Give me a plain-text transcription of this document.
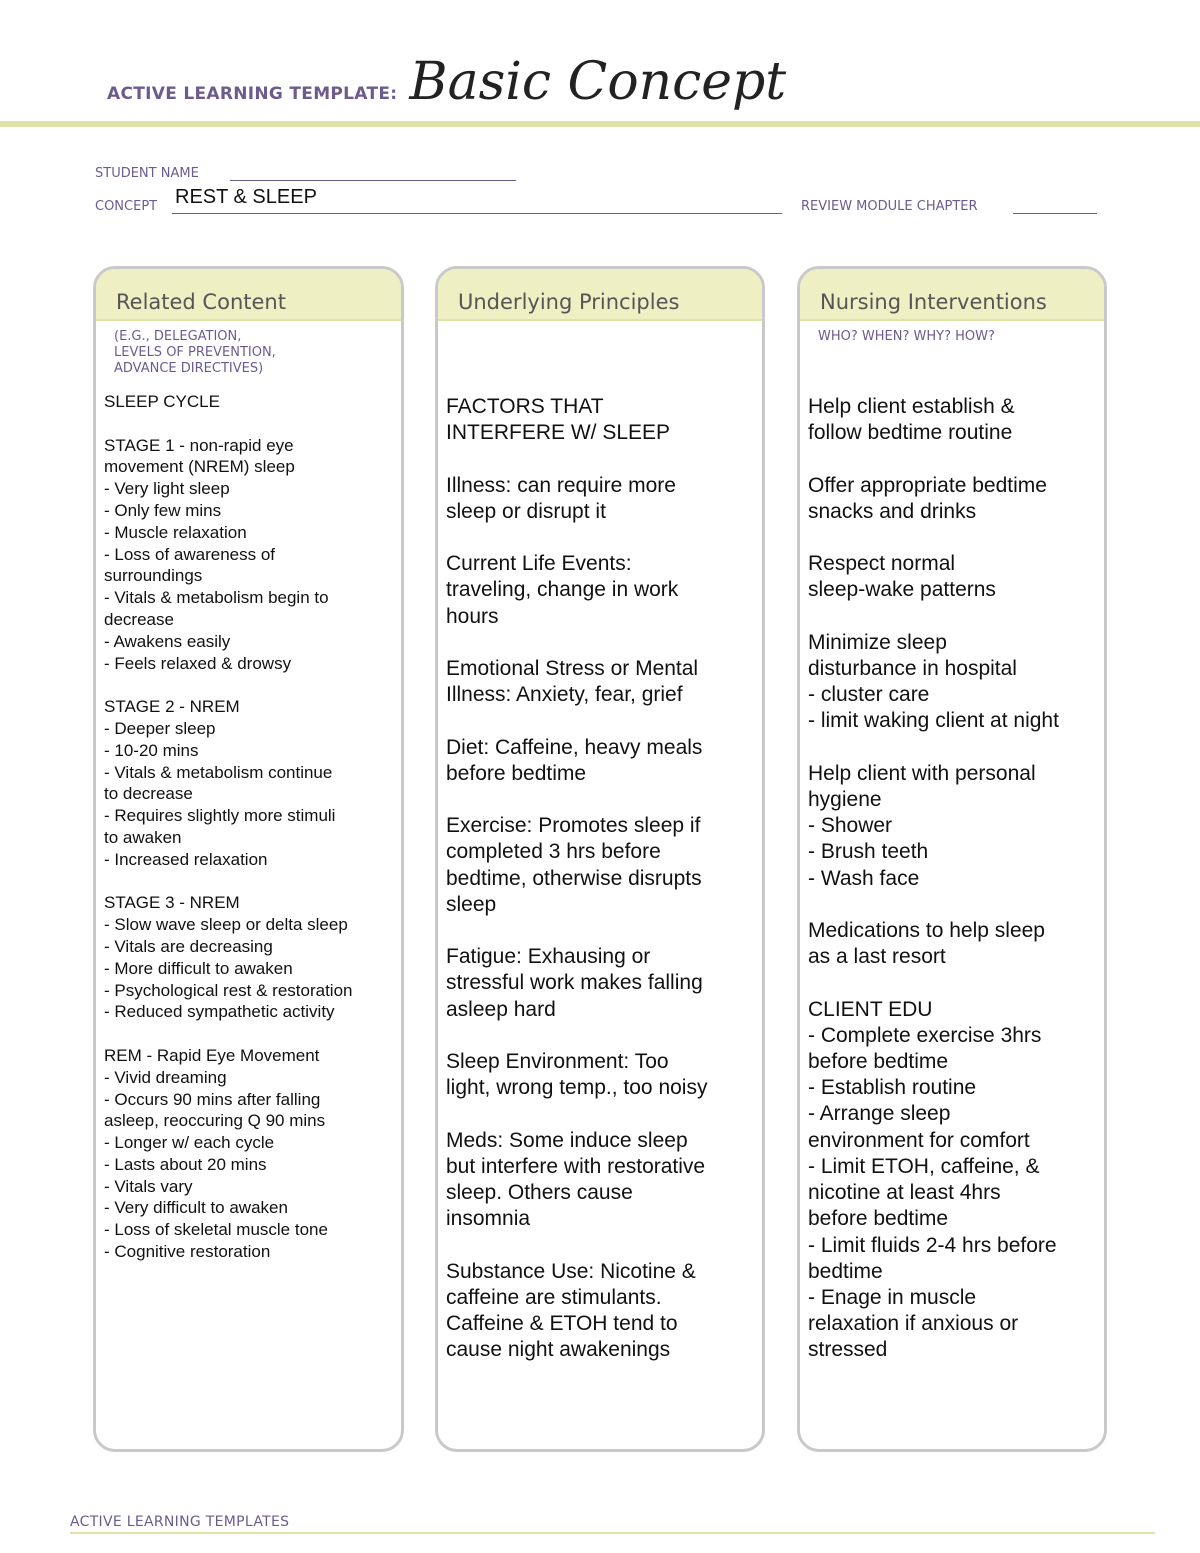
ACTIVE LEARNING TEMPLATE: Basic Concept
STUDENT NAME
CONCEPT REST & SLEEP	REVIEW MODULE CHAPTER
Related Content
(E.G., DELEGATION,
LEVELS OF PREVENTION,
ADVANCE DIRECTIVES)
SLEEP CYCLE

STAGE 1 - non-rapid eye
movement (NREM) sleep
- Very light sleep
- Only few mins
- Muscle relaxation
- Loss of awareness of
surroundings
- Vitals & metabolism begin to
decrease
- Awakens easily
- Feels relaxed & drowsy

STAGE 2 - NREM
- Deeper sleep
- 10-20 mins
- Vitals & metabolism continue
to decrease
- Requires slightly more stimuli
to awaken
- Increased relaxation

STAGE 3 - NREM
- Slow wave sleep or delta sleep
- Vitals are decreasing
- More difficult to awaken
- Psychological rest & restoration
- Reduced sympathetic activity

REM - Rapid Eye Movement
- Vivid dreaming
- Occurs 90 mins after falling
asleep, reoccuring Q 90 mins
- Longer w/ each cycle
- Lasts about 20 mins
- Vitals vary
- Very difficult to awaken
- Loss of skeletal muscle tone
- Cognitive restoration
Underlying Principles
FACTORS THAT
INTERFERE W/ SLEEP

Illness: can require more
sleep or disrupt it

Current Life Events:
traveling, change in work
hours

Emotional Stress or Mental
Illness: Anxiety, fear, grief

Diet: Caffeine, heavy meals
before bedtime

Exercise: Promotes sleep if
completed 3 hrs before
bedtime, otherwise disrupts
sleep

Fatigue: Exhausing or
stressful work makes falling
asleep hard

Sleep Environment: Too
light, wrong temp., too noisy

Meds: Some induce sleep
but interfere with restorative
sleep. Others cause
insomnia

Substance Use: Nicotine &
caffeine are stimulants.
Caffeine & ETOH tend to
cause night awakenings
Nursing Interventions
WHO? WHEN? WHY? HOW?
Help client establish &
follow bedtime routine

Offer appropriate bedtime
snacks and drinks

Respect normal
sleep-wake patterns

Minimize sleep
disturbance in hospital
- cluster care
- limit waking client at night

Help client with personal
hygiene
- Shower
- Brush teeth
- Wash face

Medications to help sleep
as a last resort

CLIENT EDU
- Complete exercise 3hrs
before bedtime
- Establish routine
- Arrange sleep
environment for comfort
- Limit ETOH, caffeine, &
nicotine at least 4hrs
before bedtime
- Limit fluids 2-4 hrs before
bedtime
- Enage in muscle
relaxation if anxious or
stressed
ACTIVE LEARNING TEMPLATES
